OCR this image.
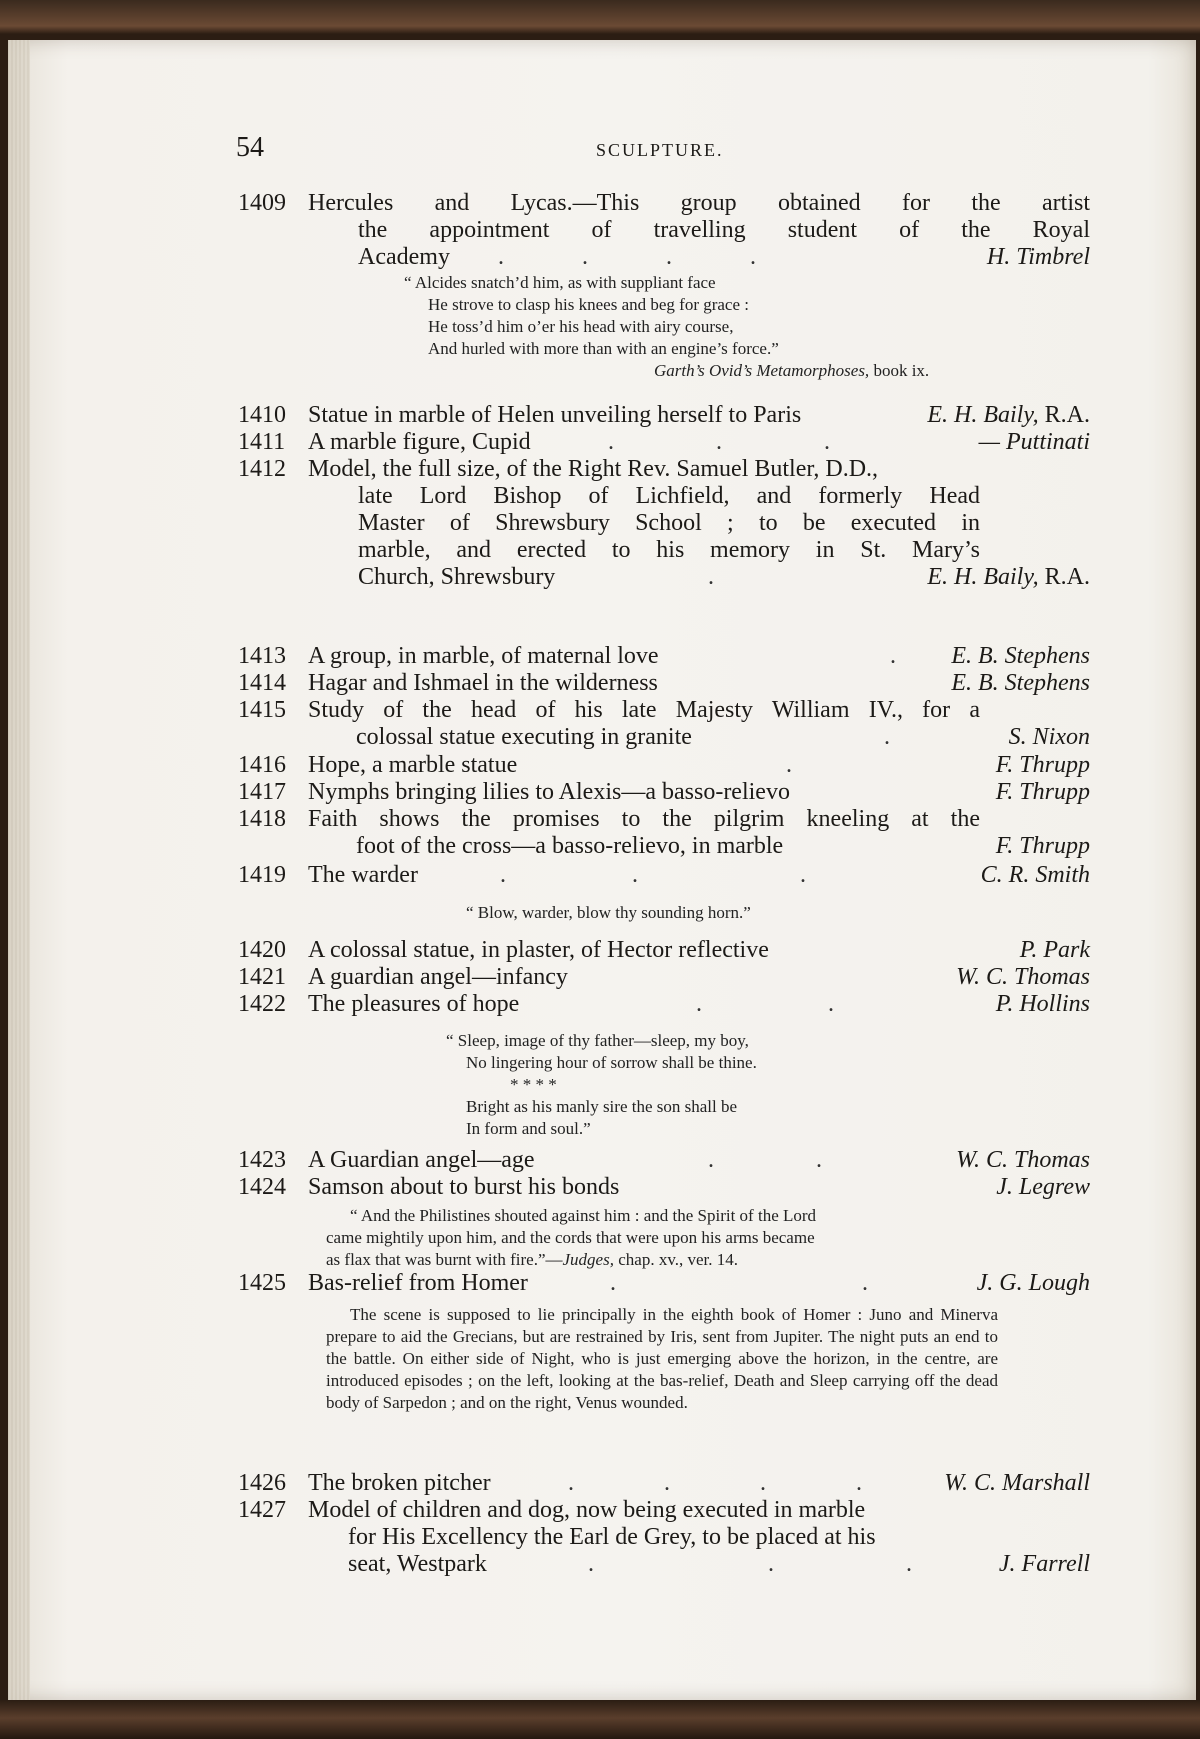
54	SCULPTURE.
1409 Hercules and Lycas.—This group obtained for the artist
the appointment of travelling student of the Royal
Academy	.             .             .             .	H. Timbrel
“ Alcides snatch’d him, as with suppliant face
He strove to clasp his knees and beg for grace :
He toss’d him o’er his head with airy course,
And hurled with more than with an engine’s force.”
Garth’s Ovid’s Metamorphoses, book ix.
1410 Statue in marble of Helen unveiling herself to Paris	E. H. Baily, R.A.
1411 A marble figure, Cupid	.                 .                 .	— Puttinati
1412 Model, the full size, of the Right Rev. Samuel Butler, D.D.,
late Lord Bishop of Lichfield, and formerly Head
Master of Shrewsbury School ; to be executed in
marble, and erected to his memory in St. Mary’s
Church, Shrewsbury	.	E. H. Baily, R.A.
1413 A group, in marble, of maternal love	. E. B. Stephens
1414 Hagar and Ishmael in the wilderness	E. B. Stephens
1415 Study of the head of his late Majesty William IV., for a
colossal statue executing in granite	.	S. Nixon
1416 Hope, a marble statue	.	F. Thrupp
1417 Nymphs bringing lilies to Alexis—a basso-relievo	F. Thrupp
1418 Faith shows the promises to the pilgrim kneeling at the
foot of the cross—a basso-relievo, in marble	F. Thrupp
1419 The warder	.                     .                           .	C. R. Smith
“ Blow, warder, blow thy sounding horn.”
1420 A colossal statue, in plaster, of Hector reflective	P. Park
1421 A guardian angel—infancy	W. C. Thomas
1422 The pleasures of hope	.                     .	P. Hollins
“ Sleep, image of thy father—sleep, my boy,
No lingering hour of sorrow shall be thine.
* * * *
Bright as his manly sire the son shall be
In form and soul.”
1423 A Guardian angel—age	.                 .	W. C. Thomas
1424 Samson about to burst his bonds	J. Legrew
“ And the Philistines shouted against him : and the Spirit of the Lord
came mightily upon him, and the cords that were upon his arms became
as flax that was burnt with fire.”—Judges, chap. xv., ver. 14.
1425 Bas-relief from Homer	.                                         .	J. G. Lough
The scene is supposed to lie principally in the eighth book of Homer : Juno and Minerva prepare to aid the Grecians, but are restrained by Iris, sent from Jupiter. The night puts an end to the battle. On either side of Night, who is just emerging above the horizon, in the centre, are introduced episodes ; on the left, looking at the bas-relief, Death and Sleep carrying off the dead body of Sarpedon ; and on the right, Venus wounded.
1426 The broken pitcher	.               .               .               .	W. C. Marshall
1427 Model of children and dog, now being executed in marble
for His Excellency the Earl de Grey, to be placed at his
seat, Westpark	.                             .                      .	J. Farrell
